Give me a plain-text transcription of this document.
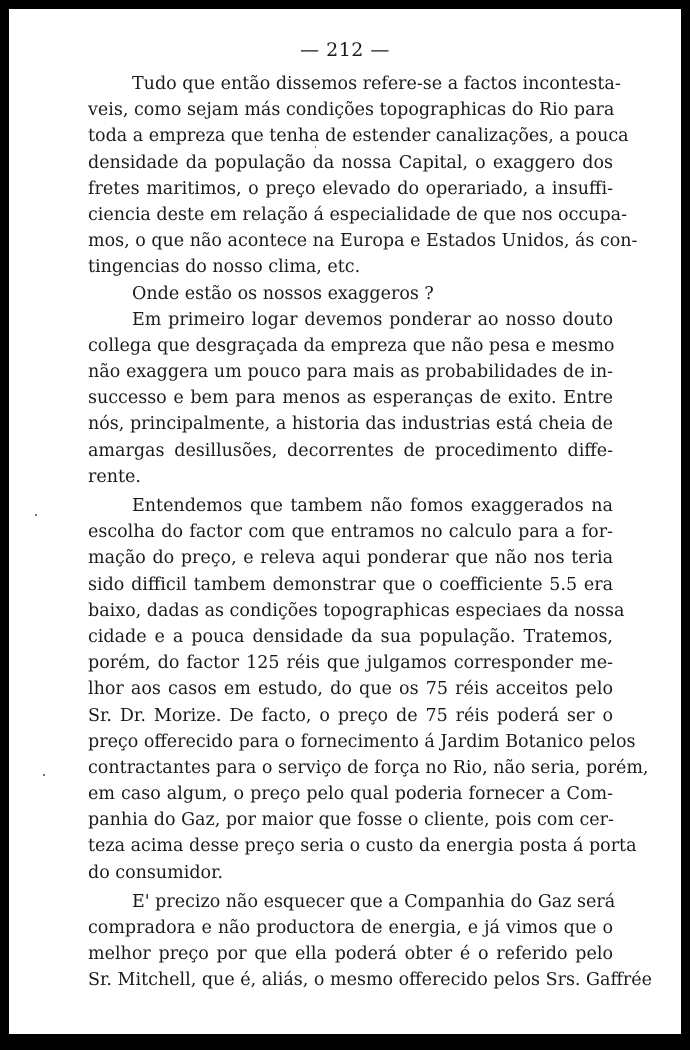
— 212 —
Tudo que então dissemos refere-se a factos incontesta-
veis, como sejam más condições topographicas do Rio para
toda a empreza que tenha de estender canalizações, a pouca
densidade da população da nossa Capital, o exaggero dos
fretes maritimos, o preço elevado do operariado, a insuffi-
ciencia deste em relação á especialidade de que nos occupa-
mos, o que não acontece na Europa e Estados Unidos, ás con-
tingencias do nosso clima, etc.
Onde estão os nossos exaggeros ?
Em primeiro logar devemos ponderar ao nosso douto
collega que desgraçada da empreza que não pesa e mesmo
não exaggera um pouco para mais as probabilidades de in-
successo e bem para menos as esperanças de exito. Entre
nós, principalmente, a historia das industrias está cheia de
amargas desillusões, decorrentes de procedimento diffe-
rente.
Entendemos que tambem não fomos exaggerados na
escolha do factor com que entramos no calculo para a for-
mação do preço, e releva aqui ponderar que não nos teria
sido difficil tambem demonstrar que o coefficiente 5.5 era
baixo, dadas as condições topographicas especiaes da nossa
cidade e a pouca densidade da sua população. Tratemos,
porém, do factor 125 réis que julgamos corresponder me-
lhor aos casos em estudo, do que os 75 réis acceitos pelo
Sr. Dr. Morize. De facto, o preço de 75 réis poderá ser o
preço offerecido para o fornecimento á Jardim Botanico pelos
contractantes para o serviço de força no Rio, não seria, porém,
em caso algum, o preço pelo qual poderia fornecer a Com-
panhia do Gaz, por maior que fosse o cliente, pois com cer-
teza acima desse preço seria o custo da energia posta á porta
do consumidor.
E' precizo não esquecer que a Companhia do Gaz será
compradora e não productora de energia, e já vimos que o
melhor preço por que ella poderá obter é o referido pelo
Sr. Mitchell, que é, aliás, o mesmo offerecido pelos Srs. Gaffrée
